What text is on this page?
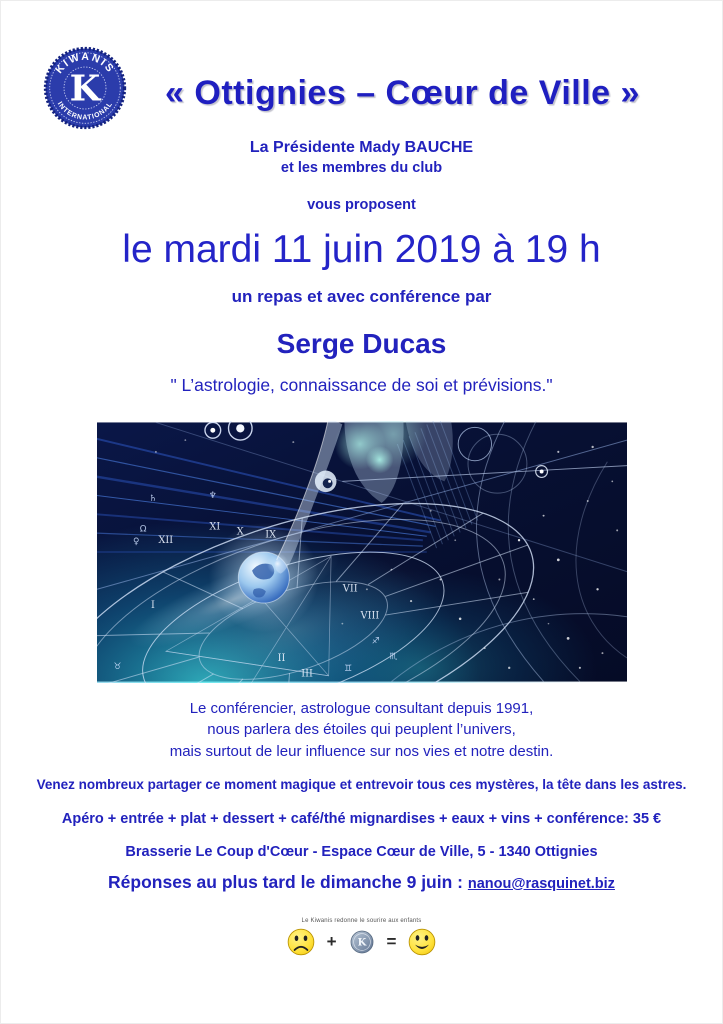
KIWANIS
INTERNATIONAL
K	« Ottignies – Cœur de Ville »

La Présidente Mady BAUCHE

et les membres du club

vous proposent

le mardi 11 juin 2019 à 19 h

un repas et avec conférence par

Serge Ducas

" L’astrologie, connaissance de soi et prévisions."

XII
XI
VII
VIII
I
II
III
♄	♆
Ω
♀
♉
♏
♐
♊

Le conférencier, astrologue consultant depuis 1991,
nous parlera des étoiles qui peuplent l’univers,
mais surtout de leur influence sur nos vies et notre destin.

Venez nombreux partager ce moment magique et entrevoir tous ces mystères, la tête dans les astres.

Apéro + entrée + plat + dessert + café/thé mignardises + eaux + vins + conférence: 35 €

Brasserie Le Coup d'Cœur - Espace Cœur de Ville, 5 - 1340 Ottignies

Réponses au plus tard le dimanche 9 juin : nanou@rasquinet.biz

Le Kiwanis redonne le sourire aux enfants

+ K =
